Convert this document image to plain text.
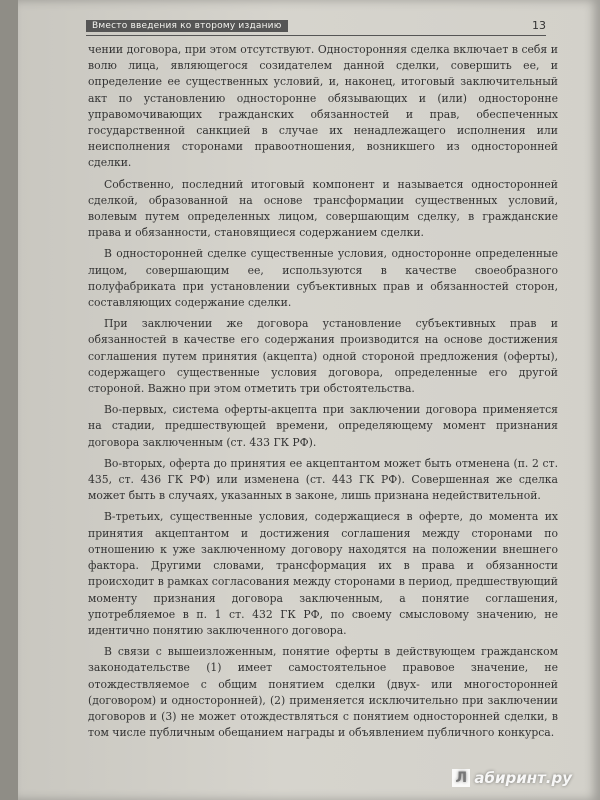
Вместо введения ко второму изданию	13

чении договора, при этом отсутствуют. Односторонняя сделка включает в себя и волю лица, являющегося созидателем данной сделки, совершить ее, и определение ее существенных условий, и, наконец, итоговый заключительный акт по установлению односторонне обязывающих и (или) односторонне управомочивающих гражданских обязанностей и прав, обеспеченных государственной санкцией в случае их ненадлежащего исполнения или неисполнения сторонами правоотношения, возникшего из односторонней сделки.

Собственно, последний итоговый компонент и называется односторонней сделкой, образованной на основе трансформации существенных условий, волевым путем определенных лицом, совершающим сделку, в гражданские права и обязанности, становящиеся содержанием сделки.

В односторонней сделке существенные условия, односторонне определенные лицом, совершающим ее, используются в качестве своеобразного полуфабриката при установлении субъективных прав и обязанностей сторон, составляющих содержание сделки.

При заключении же договора установление субъективных прав и обязанностей в качестве его содержания производится на основе достижения соглашения путем принятия (акцепта) одной стороной предложения (оферты), содержащего существенные условия договора, определенные его другой стороной. Важно при этом отметить три обстоятельства.

Во-первых, система оферты-акцепта при заключении договора применяется на стадии, предшествующей времени, определяющему момент признания договора заключенным (ст. 433 ГК РФ).

Во-вторых, оферта до принятия ее акцептантом может быть отменена (п. 2 ст. 435, ст. 436 ГК РФ) или изменена (ст. 443 ГК РФ). Совершенная же сделка может быть в случаях, указанных в законе, лишь признана недействительной.

В-третьих, существенные условия, содержащиеся в оферте, до момента их принятия акцептантом и достижения соглашения между сторонами по отношению к уже заключенному договору находятся на положении внешнего фактора. Другими словами, трансформация их в права и обязанности происходит в рамках согласования между сторонами в период, предшествующий моменту признания договора заключенным, а понятие соглашения, употребляемое в п. 1 ст. 432 ГК РФ, по своему смысловому значению, не идентично понятию заключенного договора.

В связи с вышеизложенным, понятие оферты в действующем гражданском законодательстве (1) имеет самостоятельное правовое значение, не отождествляемое с общим понятием сделки (двух- или многосторонней (договором) и односторонней), (2) применяется исключительно при заключении договоров и (3) не может отождествляться с понятием односторонней сделки, в том числе публичным обещанием награды и объявлением публичного конкурса.

Л абиринт.ру
